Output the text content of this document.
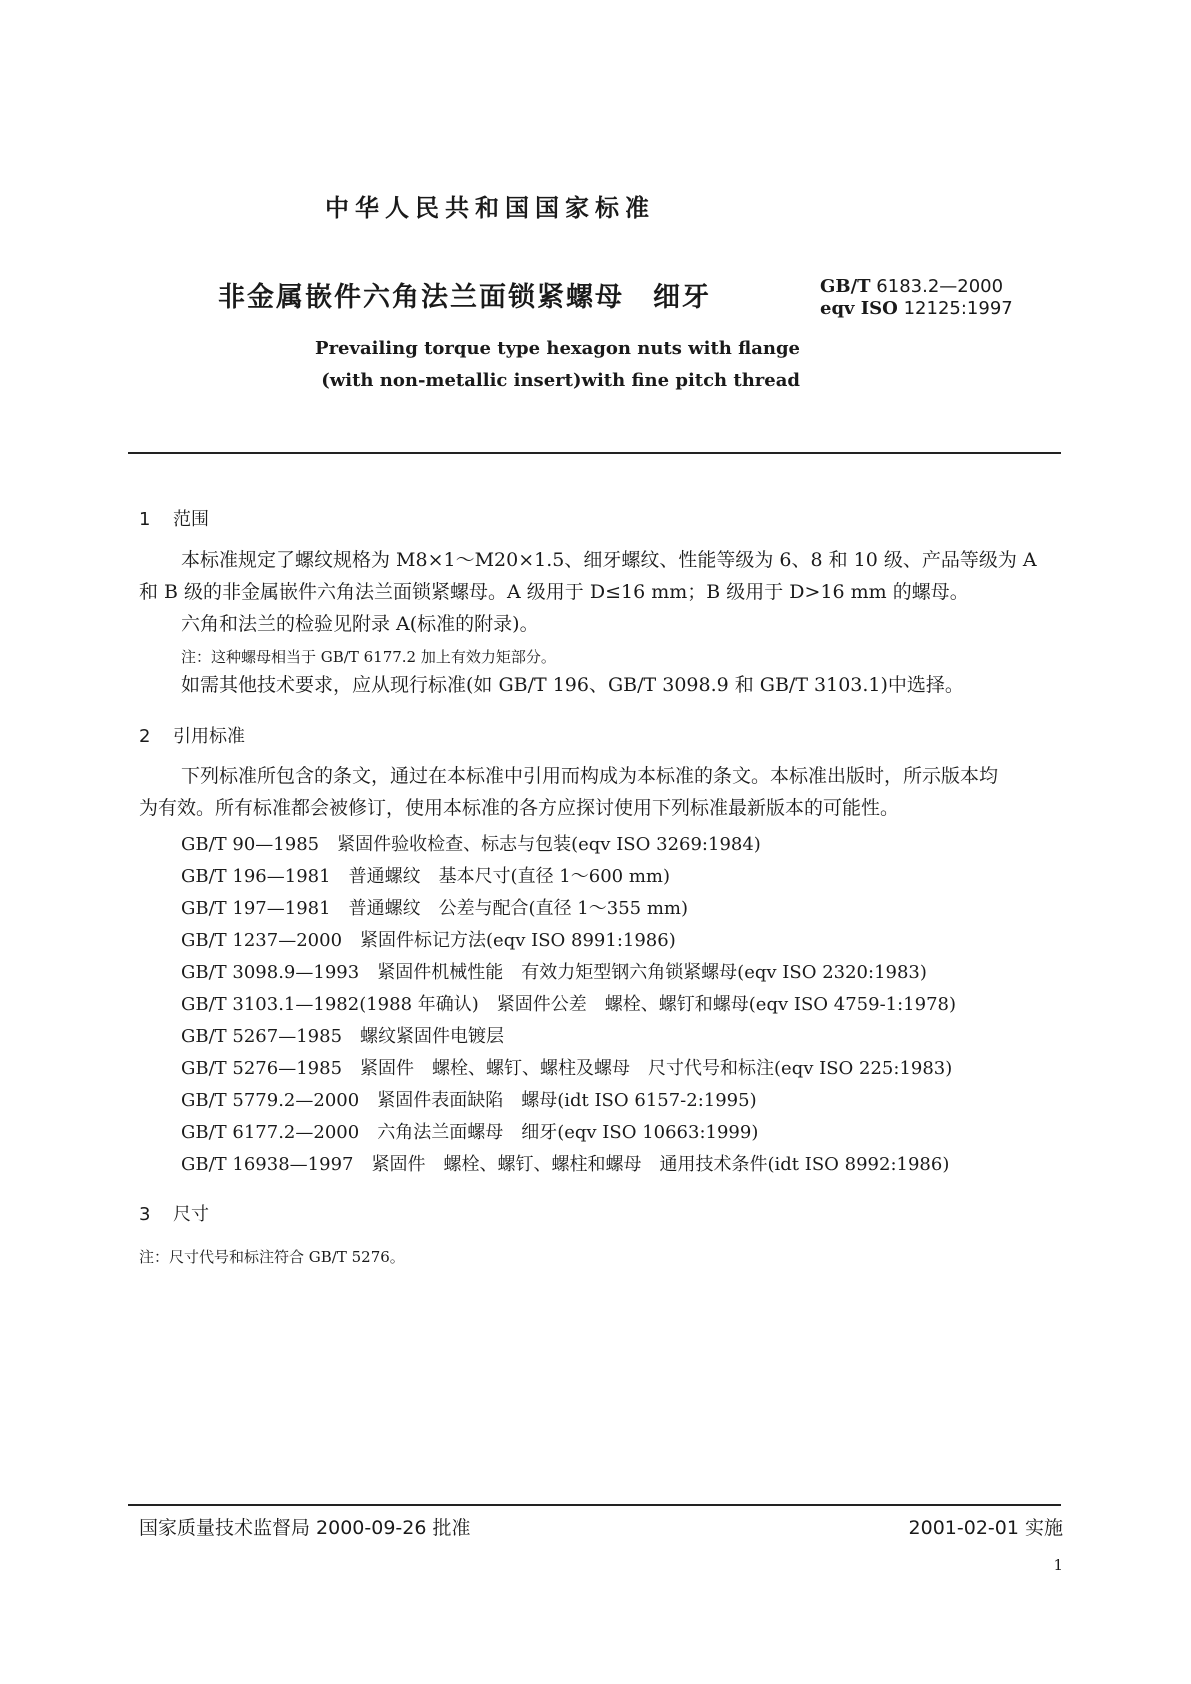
中华人民共和国国家标准
非金属嵌件六角法兰面锁紧螺母　细牙	GB/T 6183.2—2000
eqv ISO 12125:1997
Prevailing torque type hexagon nuts with flange
(with non-metallic insert)with fine pitch thread
1 范围
本标准规定了螺纹规格为 M8×1～M20×1.5、细牙螺纹、性能等级为 6、8 和 10 级、产品等级为 A
和 B 级的非金属嵌件六角法兰面锁紧螺母。A 级用于 D≤16 mm；B 级用于 D>16 mm 的螺母。
六角和法兰的检验见附录 A(标准的附录)。
注：这种螺母相当于 GB/T 6177.2 加上有效力矩部分。
如需其他技术要求，应从现行标准(如 GB/T 196、GB/T 3098.9 和 GB/T 3103.1)中选择。
2 引用标准
下列标准所包含的条文，通过在本标准中引用而构成为本标准的条文。本标准出版时，所示版本均
为有效。所有标准都会被修订，使用本标准的各方应探讨使用下列标准最新版本的可能性。
GB/T 90—1985　紧固件验收检查、标志与包装(eqv ISO 3269:1984)
GB/T 196—1981　普通螺纹　基本尺寸(直径 1～600 mm)
GB/T 197—1981　普通螺纹　公差与配合(直径 1～355 mm)
GB/T 1237—2000　紧固件标记方法(eqv ISO 8991:1986)
GB/T 3098.9—1993　紧固件机械性能　有效力矩型钢六角锁紧螺母(eqv ISO 2320:1983)
GB/T 3103.1—1982(1988 年确认)　紧固件公差　螺栓、螺钉和螺母(eqv ISO 4759-1:1978)
GB/T 5267—1985　螺纹紧固件电镀层
GB/T 5276—1985　紧固件　螺栓、螺钉、螺柱及螺母　尺寸代号和标注(eqv ISO 225:1983)
GB/T 5779.2—2000　紧固件表面缺陷　螺母(idt ISO 6157-2:1995)
GB/T 6177.2—2000　六角法兰面螺母　细牙(eqv ISO 10663:1999)
GB/T 16938—1997　紧固件　螺栓、螺钉、螺柱和螺母　通用技术条件(idt ISO 8992:1986)
3 尺寸
注：尺寸代号和标注符合 GB/T 5276。
国家质量技术监督局 2000-09-26 批准	2001-02-01 实施
1
